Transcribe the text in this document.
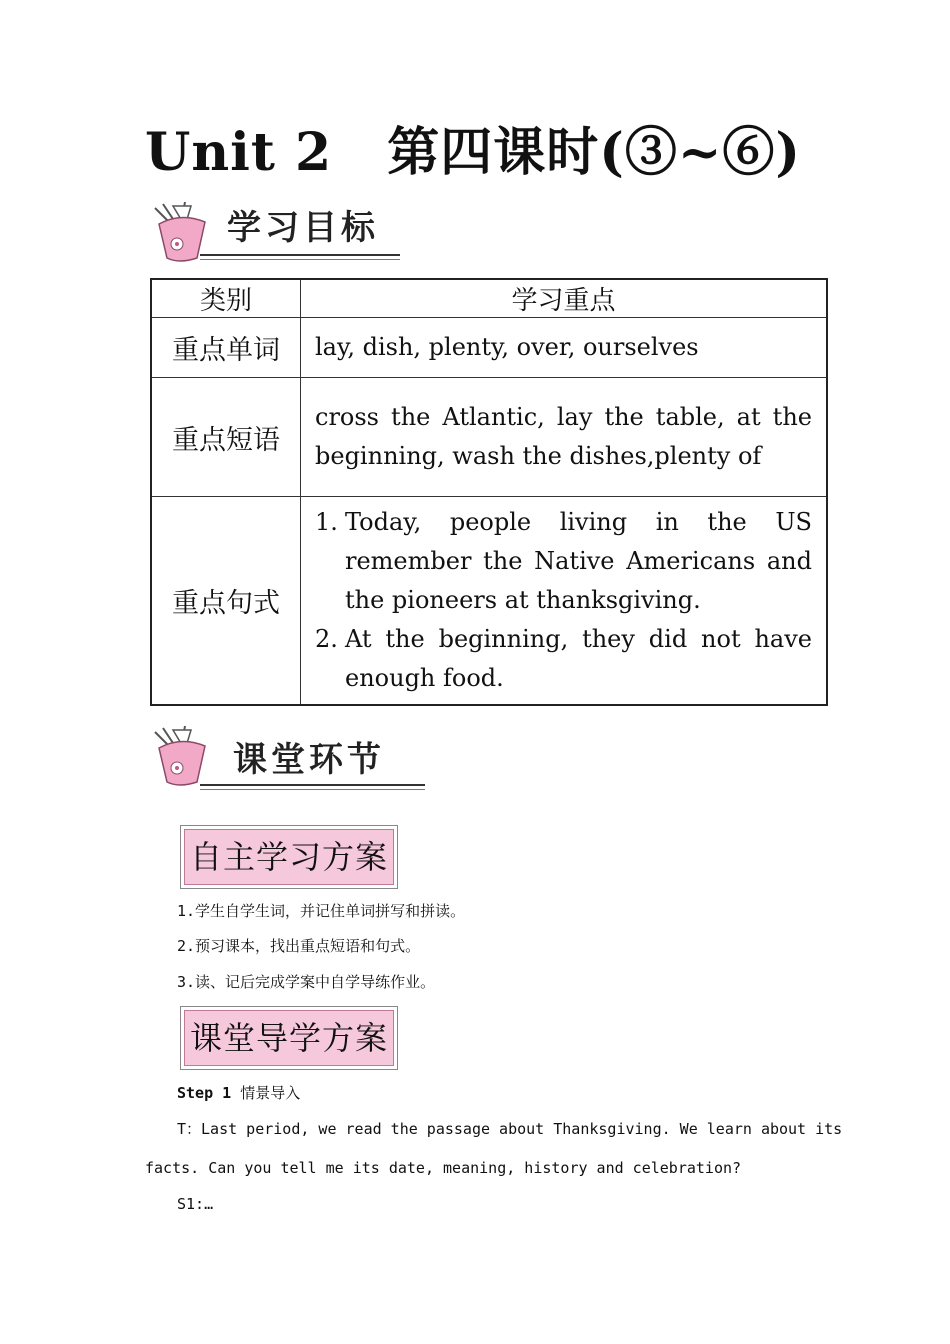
Unit 2 第四课时(③~⑥)
学习目标
类别	学习重点
重点单词	lay, dish, plenty, over, ourselves
重点短语	cross the Atlantic, lay the table, at the beginning, wash the dishes,plenty of
重点句式	1. Today, people living in the US remember the Native Americans and the pioneers at thanksgiving.
2. At the beginning, they did not have enough food.
课堂环节
自主学习方案
1.学生自学生词，并记住单词拼写和拼读。
2.预习课本，找出重点短语和句式。
3.读、记后完成学案中自学导练作业。
课堂导学方案
Step 1 情景导入
T：Last period, we read the passage about Thanksgiving. We learn about its
facts. Can you tell me its date, meaning, history and celebration?
S1:…
